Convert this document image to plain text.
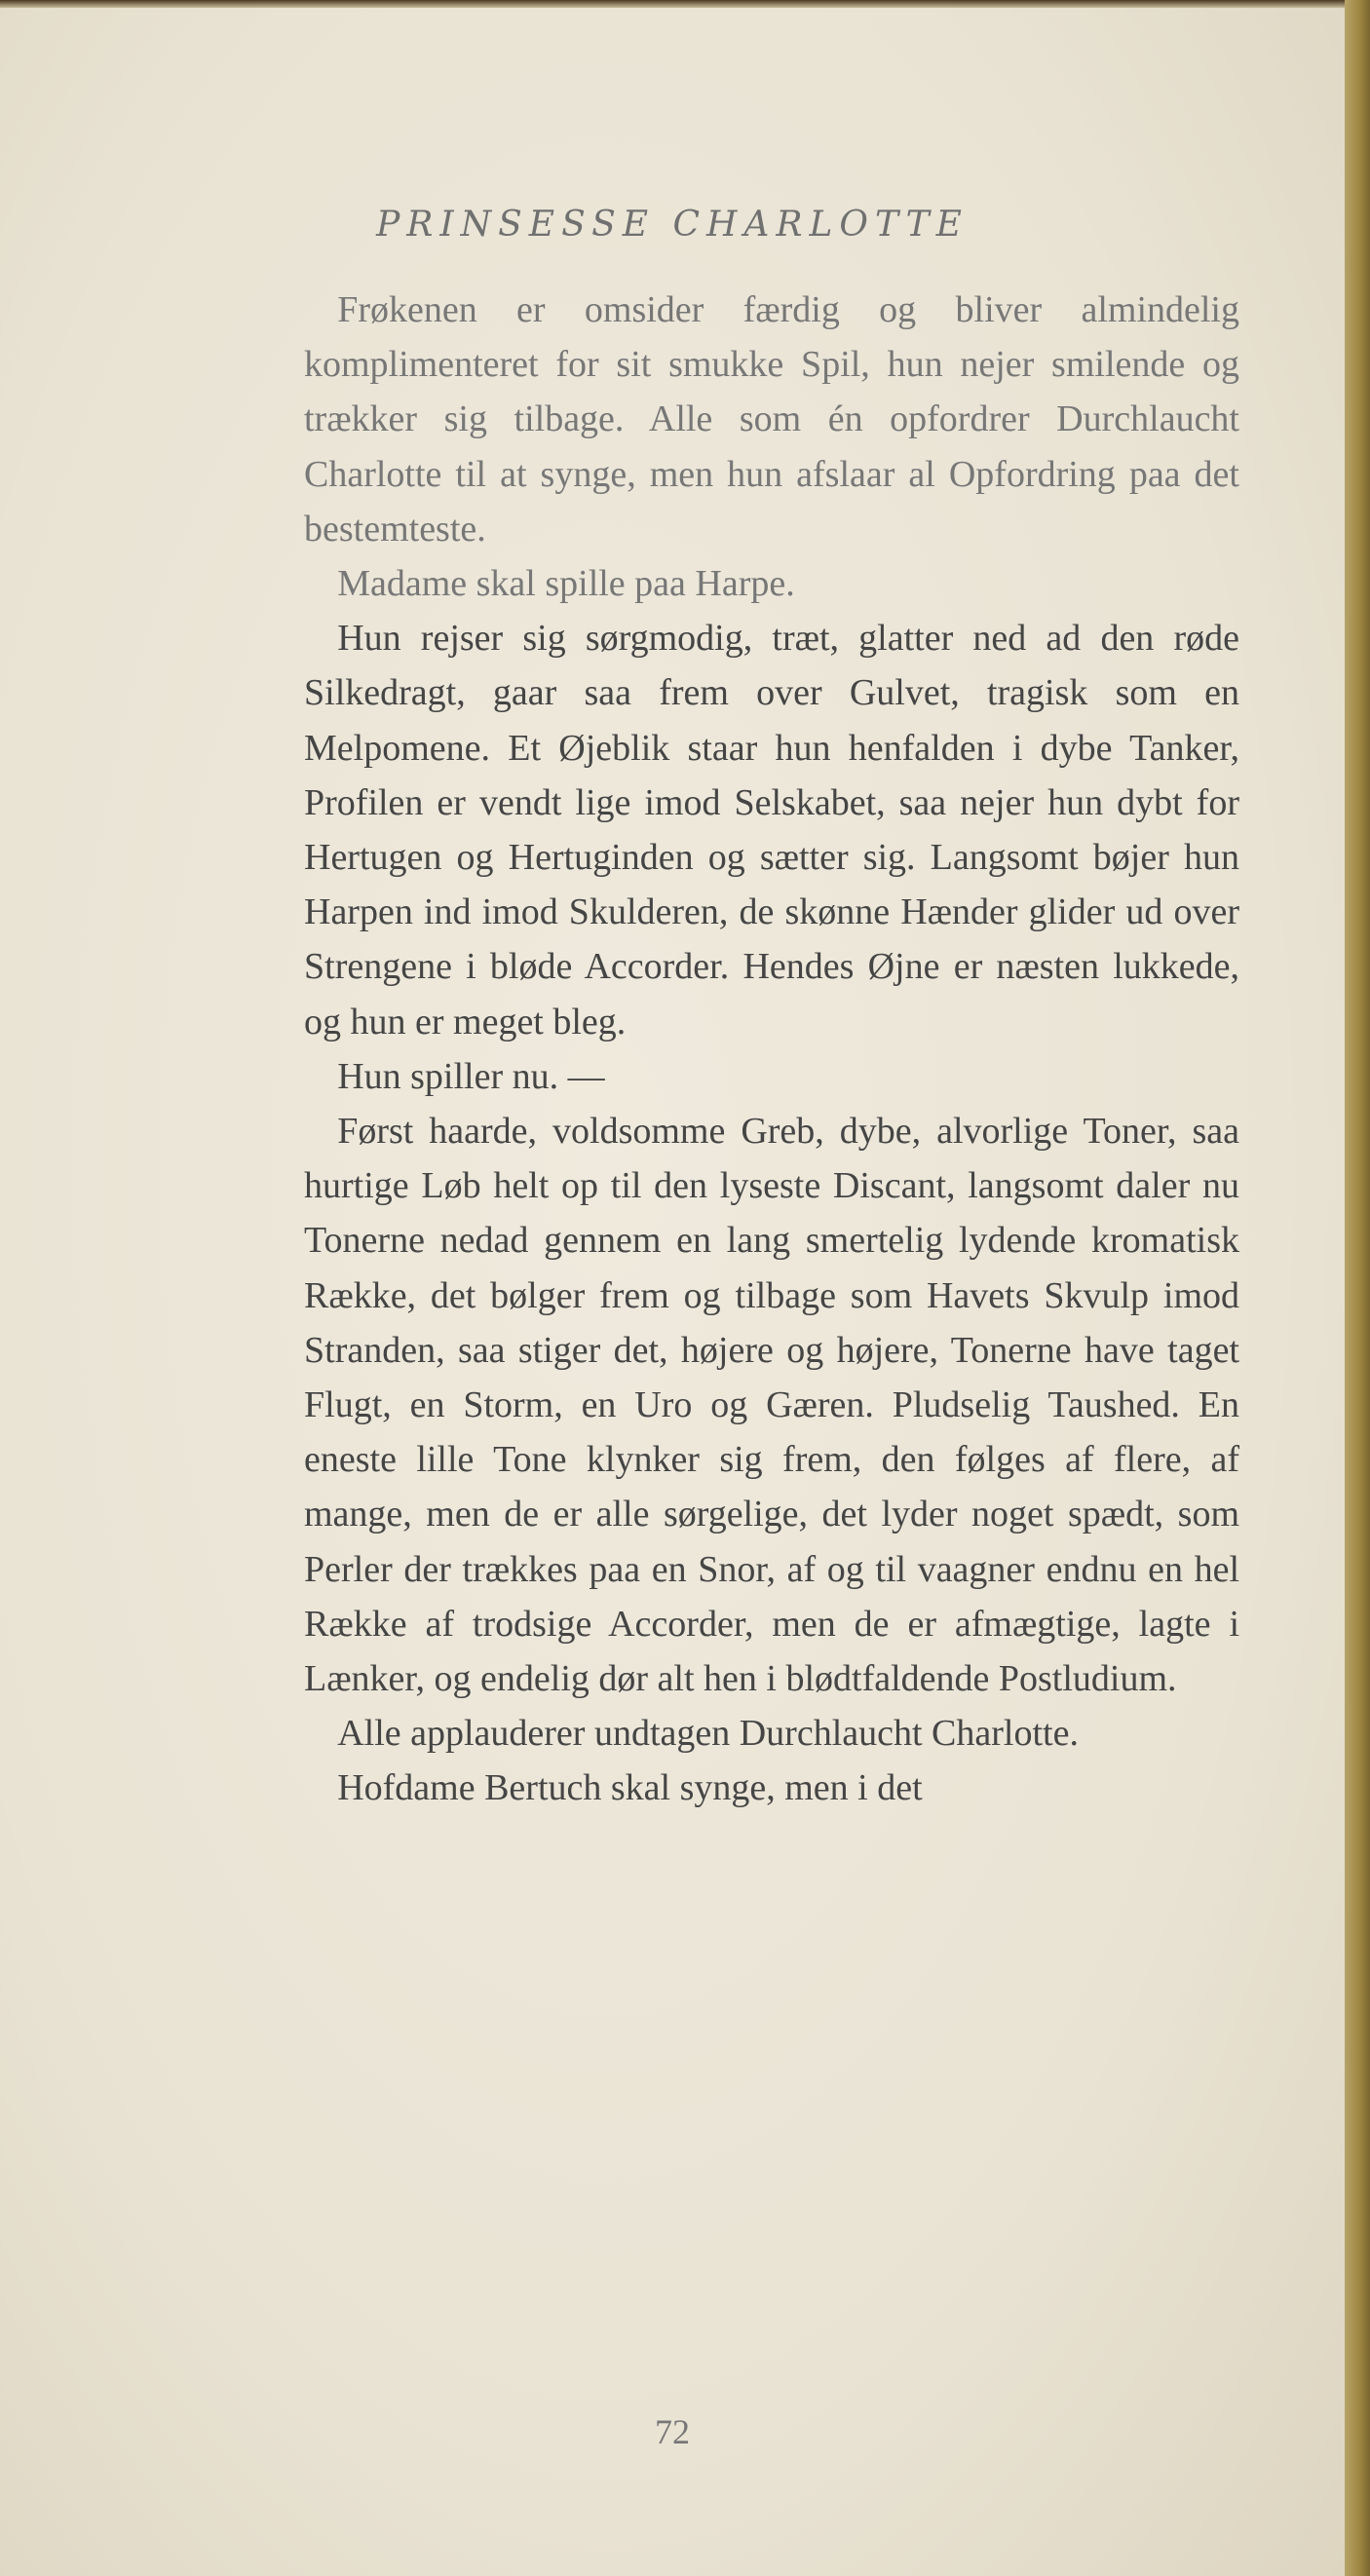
PRINSESSE CHARLOTTE

Frøkenen er omsider færdig og bliver almindelig komplimenteret for sit smukke Spil, hun nejer smilende og trækker sig tilbage. Alle som én opfordrer Durchlaucht Charlotte til at synge, men hun afslaar al Opfordring paa det bestemteste.

Madame skal spille paa Harpe.

Hun rejser sig sørgmodig, træt, glatter ned ad den røde Silkedragt, gaar saa frem over Gulvet, tragisk som en Melpomene. Et Øjeblik staar hun henfalden i dybe Tanker, Profilen er vendt lige imod Selskabet, saa nejer hun dybt for Hertugen og Hertuginden og sætter sig. Langsomt bøjer hun Harpen ind imod Skulderen, de skønne Hænder glider ud over Strengene i bløde Accorder. Hendes Øjne er næsten lukkede, og hun er meget bleg.

Hun spiller nu. —

Først haarde, voldsomme Greb, dybe, alvorlige Toner, saa hurtige Løb helt op til den lyseste Discant, langsomt daler nu Tonerne nedad gennem en lang smertelig lydende kromatisk Række, det bølger frem og tilbage som Havets Skvulp imod Stranden, saa stiger det, højere og højere, Tonerne have taget Flugt, en Storm, en Uro og Gæren. Pludselig Taushed. En eneste lille Tone klynker sig frem, den følges af flere, af mange, men de er alle sørgelige, det lyder noget spædt, som Perler der trækkes paa en Snor, af og til vaagner endnu en hel Række af trodsige Accorder, men de er afmægtige, lagte i Lænker, og endelig dør alt hen i blødtfaldende Postludium.

Alle applauderer undtagen Durchlaucht Charlotte.

Hofdame Bertuch skal synge, men i det

72
